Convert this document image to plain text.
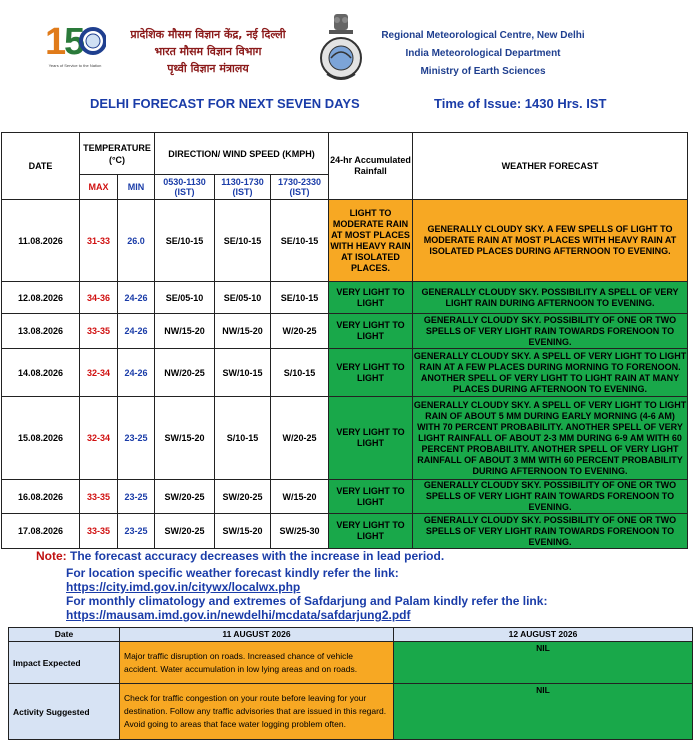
1
5
Years of Service to the Nation
प्रादेशिक मौसम विज्ञान केंद्र, नई दिल्ली
भारत मौसम विज्ञान विभाग
पृथ्वी विज्ञान मंत्रालय
Regional Meteorological Centre, New Delhi
India Meteorological Department
Ministry of Earth Sciences
DELHI FORECAST FOR NEXT SEVEN DAYS	Time of Issue: 1430 Hrs. IST
DATE	TEMPERATURE (°C)		DIRECTION/ WIND SPEED (KMPH)			24-hr Accumulated Rainfall	WEATHER FORECAST
	MAX	MIN	0530-1130 (IST)	1130-1730 (IST)	1730-2330 (IST)		
11.08.2026	31-33	26.0	SE/10-15	SE/10-15	SE/10-15	LIGHT TO MODERATE RAIN AT MOST PLACES WITH HEAVY RAIN AT ISOLATED PLACES.	GENERALLY CLOUDY SKY. A FEW SPELLS OF LIGHT TO MODERATE RAIN AT MOST PLACES WITH HEAVY RAIN AT ISOLATED PLACES DURING AFTERNOON TO EVENING.
12.08.2026	34-36	24-26	SE/05-10	SE/05-10	SE/10-15	VERY LIGHT TO LIGHT	GENERALLY CLOUDY SKY. POSSIBILITY A SPELL OF VERY LIGHT RAIN DURING AFTERNOON TO EVENING.
13.08.2026	33-35	24-26	NW/15-20	NW/15-20	W/20-25	VERY LIGHT TO LIGHT	GENERALLY CLOUDY SKY. POSSIBILITY OF ONE OR TWO SPELLS OF VERY LIGHT RAIN TOWARDS FORENOON TO EVENING.
14.08.2026	32-34	24-26	NW/20-25	SW/10-15	S/10-15	VERY LIGHT TO LIGHT	GENERALLY CLOUDY SKY. A SPELL OF VERY LIGHT TO LIGHT RAIN AT A FEW PLACES DURING MORNING TO FORENOON. ANOTHER SPELL OF VERY LIGHT TO LIGHT RAIN AT MANY PLACES DURING AFTERNOON TO EVENING.
15.08.2026	32-34	23-25	SW/15-20	S/10-15	W/20-25	VERY LIGHT TO LIGHT	GENERALLY CLOUDY SKY. A SPELL OF VERY LIGHT TO LIGHT RAIN OF ABOUT 5 MM DURING EARLY MORNING (4-6 AM) WITH 70 PERCENT PROBABILITY. ANOTHER SPELL OF VERY LIGHT RAINFALL OF ABOUT 2-3 MM DURING 6-9 AM WITH 60 PERCENT PROBABILITY. ANOTHER SPELL OF VERY LIGHT RAINFALL OF ABOUT 3 MM WITH 60 PERCENT PROBABILITY DURING AFTERNOON TO EVENING.
16.08.2026	33-35	23-25	SW/20-25	SW/20-25	W/15-20	VERY LIGHT TO LIGHT	GENERALLY CLOUDY SKY. POSSIBILITY OF ONE OR TWO SPELLS OF VERY LIGHT RAIN TOWARDS FORENOON TO EVENING.
17.08.2026	33-35	23-25	SW/20-25	SW/15-20	SW/25-30	VERY LIGHT TO LIGHT	GENERALLY CLOUDY SKY. POSSIBILITY OF ONE OR TWO SPELLS OF VERY LIGHT RAIN TOWARDS FORENOON TO EVENING.
Note: The forecast accuracy decreases with the increase in lead period.
For location specific weather forecast kindly refer the link:
https://city.imd.gov.in/citywx/localwx.php
For monthly climatology and extremes of Safdarjung and Palam kindly refer the link:
https://mausam.imd.gov.in/newdelhi/mcdata/safdarjung2.pdf
Date	11 AUGUST 2026	12 AUGUST 2026
Impact Expected	Major traffic disruption on roads. Increased chance of vehicle accident. Water accumulation in low lying areas and on roads.	NIL
Activity Suggested	Check for traffic congestion on your route before leaving for your destination. Follow any traffic advisories that are issued in this regard. Avoid going to areas that face water logging problem often.	NIL
